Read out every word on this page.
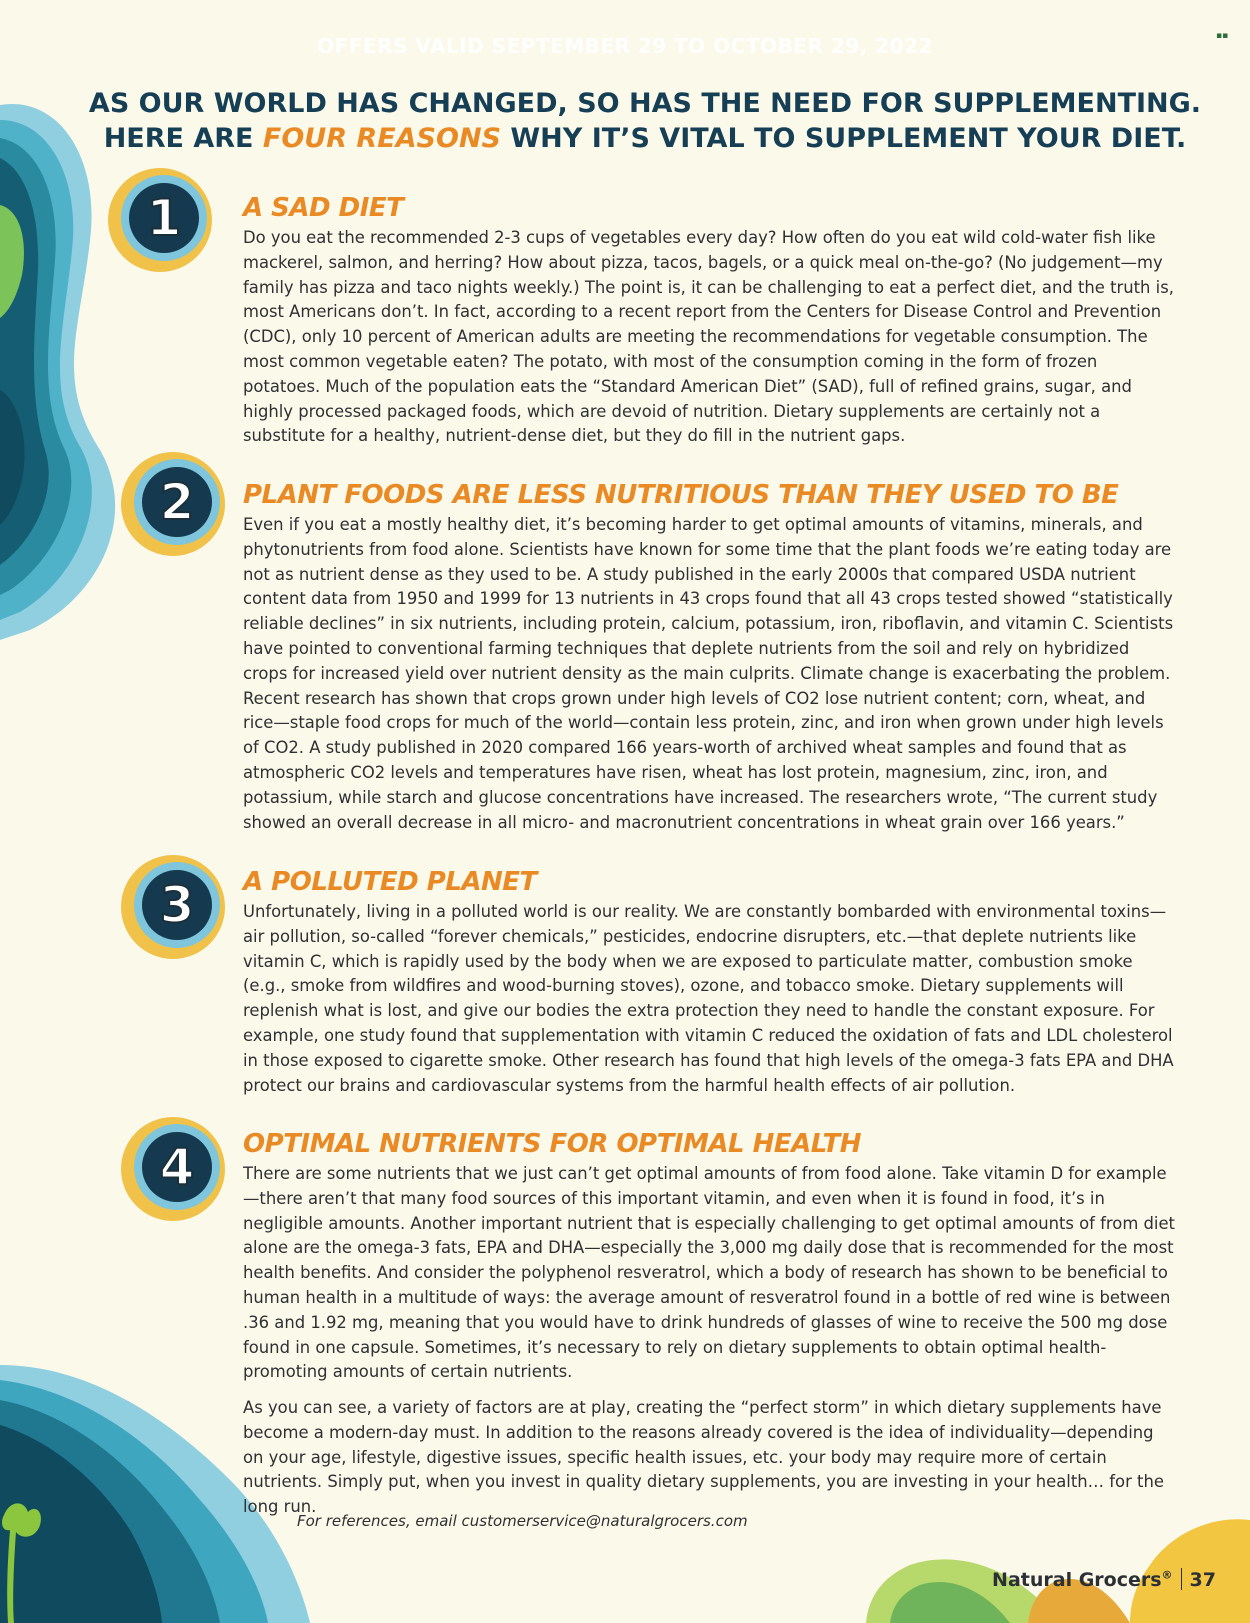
OFFERS VALID SEPTEMBER 29 TO OCTOBER 29, 2022	▪▪
AS OUR WORLD HAS CHANGED, SO HAS THE NEED FOR SUPPLEMENTING. HERE ARE FOUR REASONS WHY IT’S VITAL TO SUPPLEMENT YOUR DIET.
1
2
3
4
A SAD DIET

Do you eat the recommended 2-3 cups of vegetables every day? How often do you eat wild cold-water fish like mackerel, salmon, and herring? How about pizza, tacos, bagels, or a quick meal on-the-go? (No judgement—my family has pizza and taco nights weekly.) The point is, it can be challenging to eat a perfect diet, and the truth is, most Americans don’t. In fact, according to a recent report from the Centers for Disease Control and Prevention (CDC), only 10 percent of American adults are meeting the recommendations for vegetable consumption. The most common vegetable eaten? The potato, with most of the consumption coming in the form of frozen potatoes. Much of the population eats the “Standard American Diet” (SAD), full of refined grains, sugar, and highly processed packaged foods, which are devoid of nutrition. Dietary supplements are certainly not a substitute for a healthy, nutrient-dense diet, but they do fill in the nutrient gaps.

PLANT FOODS ARE LESS NUTRITIOUS THAN THEY USED TO BE

Even if you eat a mostly healthy diet, it’s becoming harder to get optimal amounts of vitamins, minerals, and phytonutrients from food alone. Scientists have known for some time that the plant foods we’re eating today are not as nutrient dense as they used to be. A study published in the early 2000s that compared USDA nutrient content data from 1950 and 1999 for 13 nutrients in 43 crops found that all 43 crops tested showed “statistically reliable declines” in six nutrients, including protein, calcium, potassium, iron, riboflavin, and vitamin C. Scientists have pointed to conventional farming techniques that deplete nutrients from the soil and rely on hybridized crops for increased yield over nutrient density as the main culprits. Climate change is exacerbating the problem. Recent research has shown that crops grown under high levels of CO2 lose nutrient content; corn, wheat, and rice—staple food crops for much of the world—contain less protein, zinc, and iron when grown under high levels of CO2. A study published in 2020 compared 166 years-worth of archived wheat samples and found that as atmospheric CO2 levels and temperatures have risen, wheat has lost protein, magnesium, zinc, iron, and potassium, while starch and glucose concentrations have increased. The researchers wrote, “The current study showed an overall decrease in all micro- and macronutrient concentrations in wheat grain over 166 years.”

A POLLUTED PLANET

Unfortunately, living in a polluted world is our reality. We are constantly bombarded with environmental toxins—air pollution, so-called “forever chemicals,” pesticides, endocrine disrupters, etc.—that deplete nutrients like vitamin C, which is rapidly used by the body when we are exposed to particulate matter, combustion smoke (e.g., smoke from wildfires and wood-burning stoves), ozone, and tobacco smoke. Dietary supplements will replenish what is lost, and give our bodies the extra protection they need to handle the constant exposure. For example, one study found that supplementation with vitamin C reduced the oxidation of fats and LDL cholesterol in those exposed to cigarette smoke. Other research has found that high levels of the omega-3 fats EPA and DHA protect our brains and cardiovascular systems from the harmful health effects of air pollution.

OPTIMAL NUTRIENTS FOR OPTIMAL HEALTH

There are some nutrients that we just can’t get optimal amounts of from food alone. Take vitamin D for example—there aren’t that many food sources of this important vitamin, and even when it is found in food, it’s in negligible amounts. Another important nutrient that is especially challenging to get optimal amounts of from diet alone are the omega-3 fats, EPA and DHA—especially the 3,000 mg daily dose that is recommended for the most health benefits. And consider the polyphenol resveratrol, which a body of research has shown to be beneficial to human health in a multitude of ways: the average amount of resveratrol found in a bottle of red wine is between .36 and 1.92 mg, meaning that you would have to drink hundreds of glasses of wine to receive the 500 mg dose found in one capsule. Sometimes, it’s necessary to rely on dietary supplements to obtain optimal health-promoting amounts of certain nutrients.

As you can see, a variety of factors are at play, creating the “perfect storm” in which dietary supplements have become a modern-day must. In addition to the reasons already covered is the idea of individuality—depending on your age, lifestyle, digestive issues, specific health issues, etc. your body may require more of certain nutrients. Simply put, when you invest in quality dietary supplements, you are investing in your health… for the long run.

For references, email customerservice@naturalgrocers.com
Natural Grocers® 37
